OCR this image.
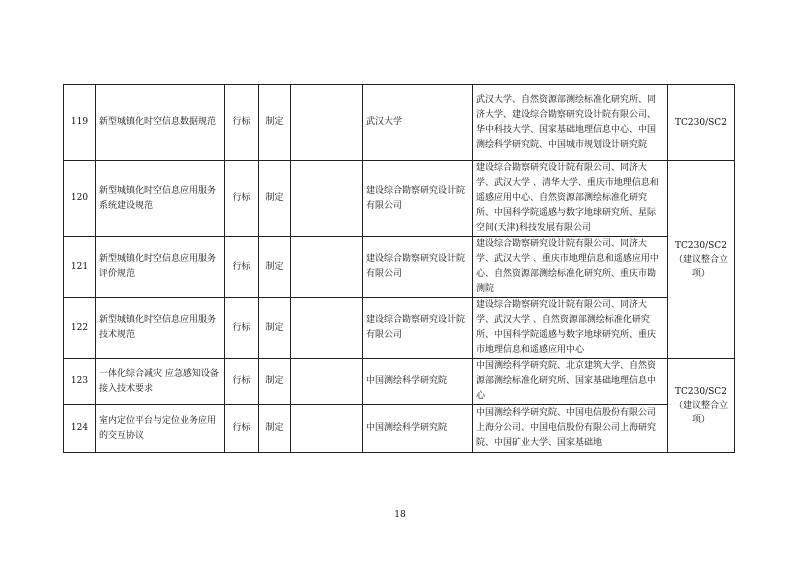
119	新型城镇化时空信息数据规范	行标	制定		武汉大学	武汉大学、自然资源部测绘标准化研究所、同济大学、建设综合勘察研究设计院有限公司、华中科技大学、国家基础地理信息中心、中国测绘科学研究院、中国城市规划设计研究院	TC230/SC2
120	新型城镇化时空信息应用服务系统建设规范	行标	制定		建设综合勘察研究设计院有限公司	建设综合勘察研究设计院有限公司、同济大学、武汉大学 、清华大学、重庆市地理信息和遥感应用中心、自然资源部测绘标准化研究所、中国科学院遥感与数字地球研究所、星际空间(天津)科技发展有限公司	TC230/SC2（建议整合立项）
121	新型城镇化时空信息应用服务评价规范	行标	制定		建设综合勘察研究设计院有限公司	建设综合勘察研究设计院有限公司、同济大学、武汉大学 、重庆市地理信息和遥感应用中心、自然资源部测绘标准化研究所、重庆市勘测院	
122	新型城镇化时空信息应用服务技术规范	行标	制定		建设综合勘察研究设计院有限公司	建设综合勘察研究设计院有限公司、同济大学、武汉大学 、自然资源部测绘标准化研究所、中国科学院遥感与数字地球研究所、重庆市地理信息和遥感应用中心	
123	一体化综合减灾 应急感知设备接入技术要求	行标	制定		中国测绘科学研究院	中国测绘科学研究院、北京建筑大学、自然资源部测绘标准化研究所、国家基础地理信息中心	TC230/SC2（建议整合立项）
124	室内定位平台与定位业务应用的交互协议	行标	制定		中国测绘科学研究院	中国测绘科学研究院、中国电信股份有限公司上海分公司、中国电信股份有限公司上海研究院、中国矿业大学、国家基础地	
18
